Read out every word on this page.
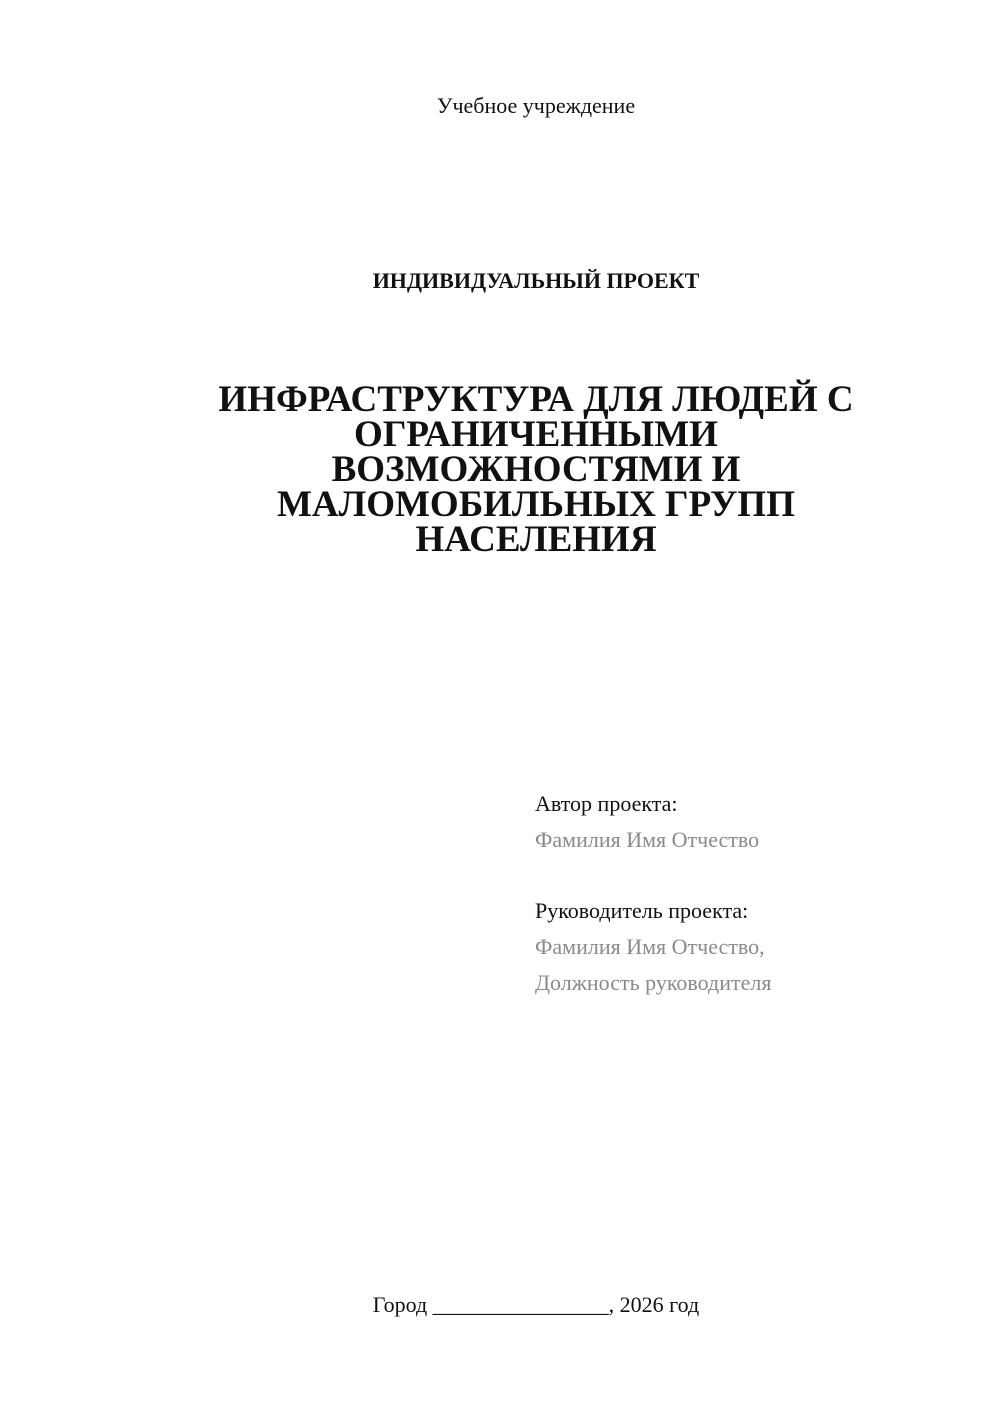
Учебное учреждение
ИНДИВИДУАЛЬНЫЙ ПРОЕКТ
ИНФРАСТРУКТУРА ДЛЯ ЛЮДЕЙ С
ОГРАНИЧЕННЫМИ
ВОЗМОЖНОСТЯМИ И
МАЛОМОБИЛЬНЫХ ГРУПП
НАСЕЛЕНИЯ
Автор проекта:
Фамилия Имя Отчество
Руководитель проекта:
Фамилия Имя Отчество,
Должность руководителя
Город ________________, 2026 год
